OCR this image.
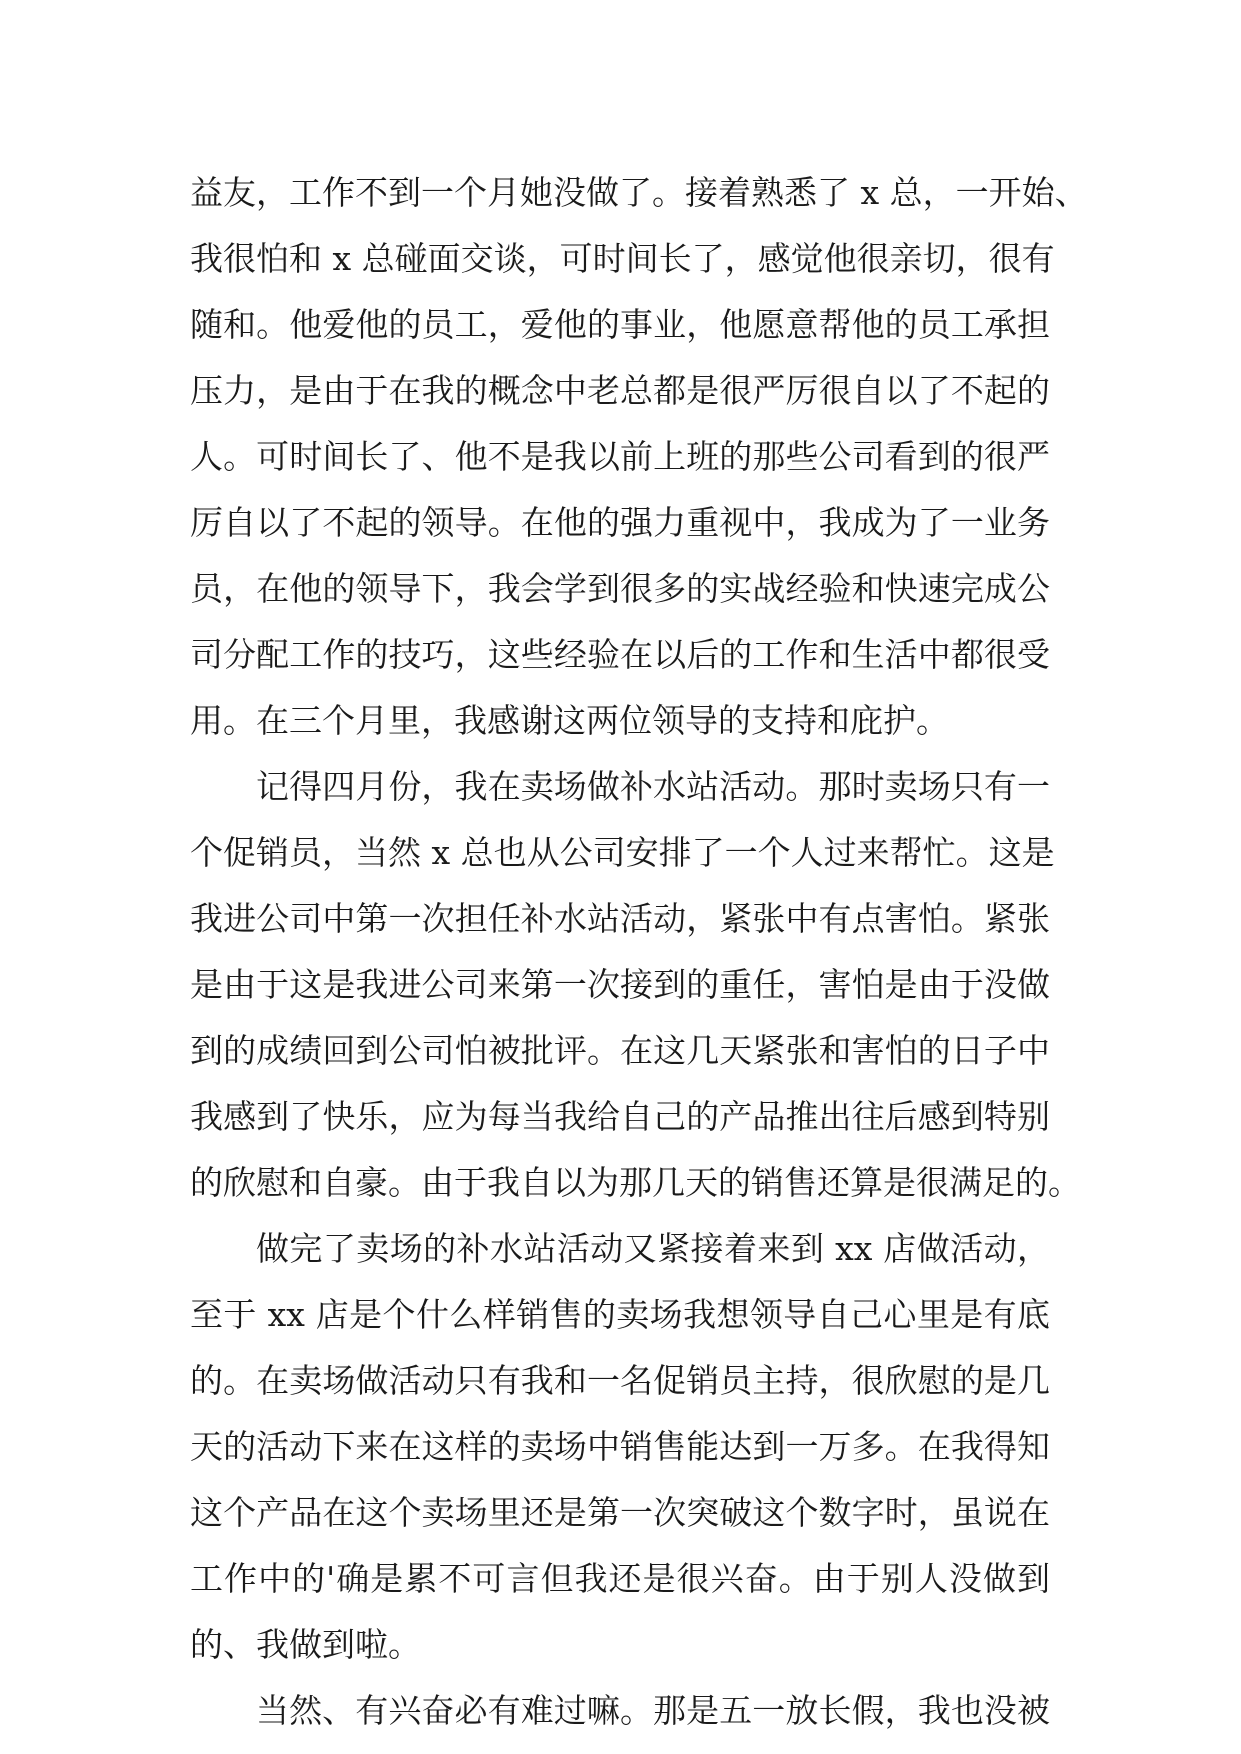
益友，工作不到一个月她没做了。接着熟悉了 x 总，一开始、
我很怕和 x 总碰面交谈，可时间长了，感觉他很亲切，很有
随和。他爱他的员工，爱他的事业，他愿意帮他的员工承担
压力，是由于在我的概念中老总都是很严厉很自以了不起的
人。可时间长了、他不是我以前上班的那些公司看到的很严
厉自以了不起的领导。在他的强力重视中，我成为了一业务
员，在他的领导下，我会学到很多的实战经验和快速完成公
司分配工作的技巧，这些经验在以后的工作和生活中都很受
用。在三个月里，我感谢这两位领导的支持和庇护。
记得四月份，我在卖场做补水站活动。那时卖场只有一
个促销员，当然 x 总也从公司安排了一个人过来帮忙。这是
我进公司中第一次担任补水站活动，紧张中有点害怕。紧张
是由于这是我进公司来第一次接到的重任，害怕是由于没做
到的成绩回到公司怕被批评。在这几天紧张和害怕的日子中
我感到了快乐，应为每当我给自己的产品推出往后感到特别
的欣慰和自豪。由于我自以为那几天的销售还算是很满足的。
做完了卖场的补水站活动又紧接着来到 xx 店做活动，
至于 xx 店是个什么样销售的卖场我想领导自己心里是有底
的。在卖场做活动只有我和一名促销员主持，很欣慰的是几
天的活动下来在这样的卖场中销售能达到一万多。在我得知
这个产品在这个卖场里还是第一次突破这个数字时，虽说在
工作中的'确是累不可言但我还是很兴奋。由于别人没做到
的、我做到啦。
当然、有兴奋必有难过嘛。那是五一放长假，我也没被
